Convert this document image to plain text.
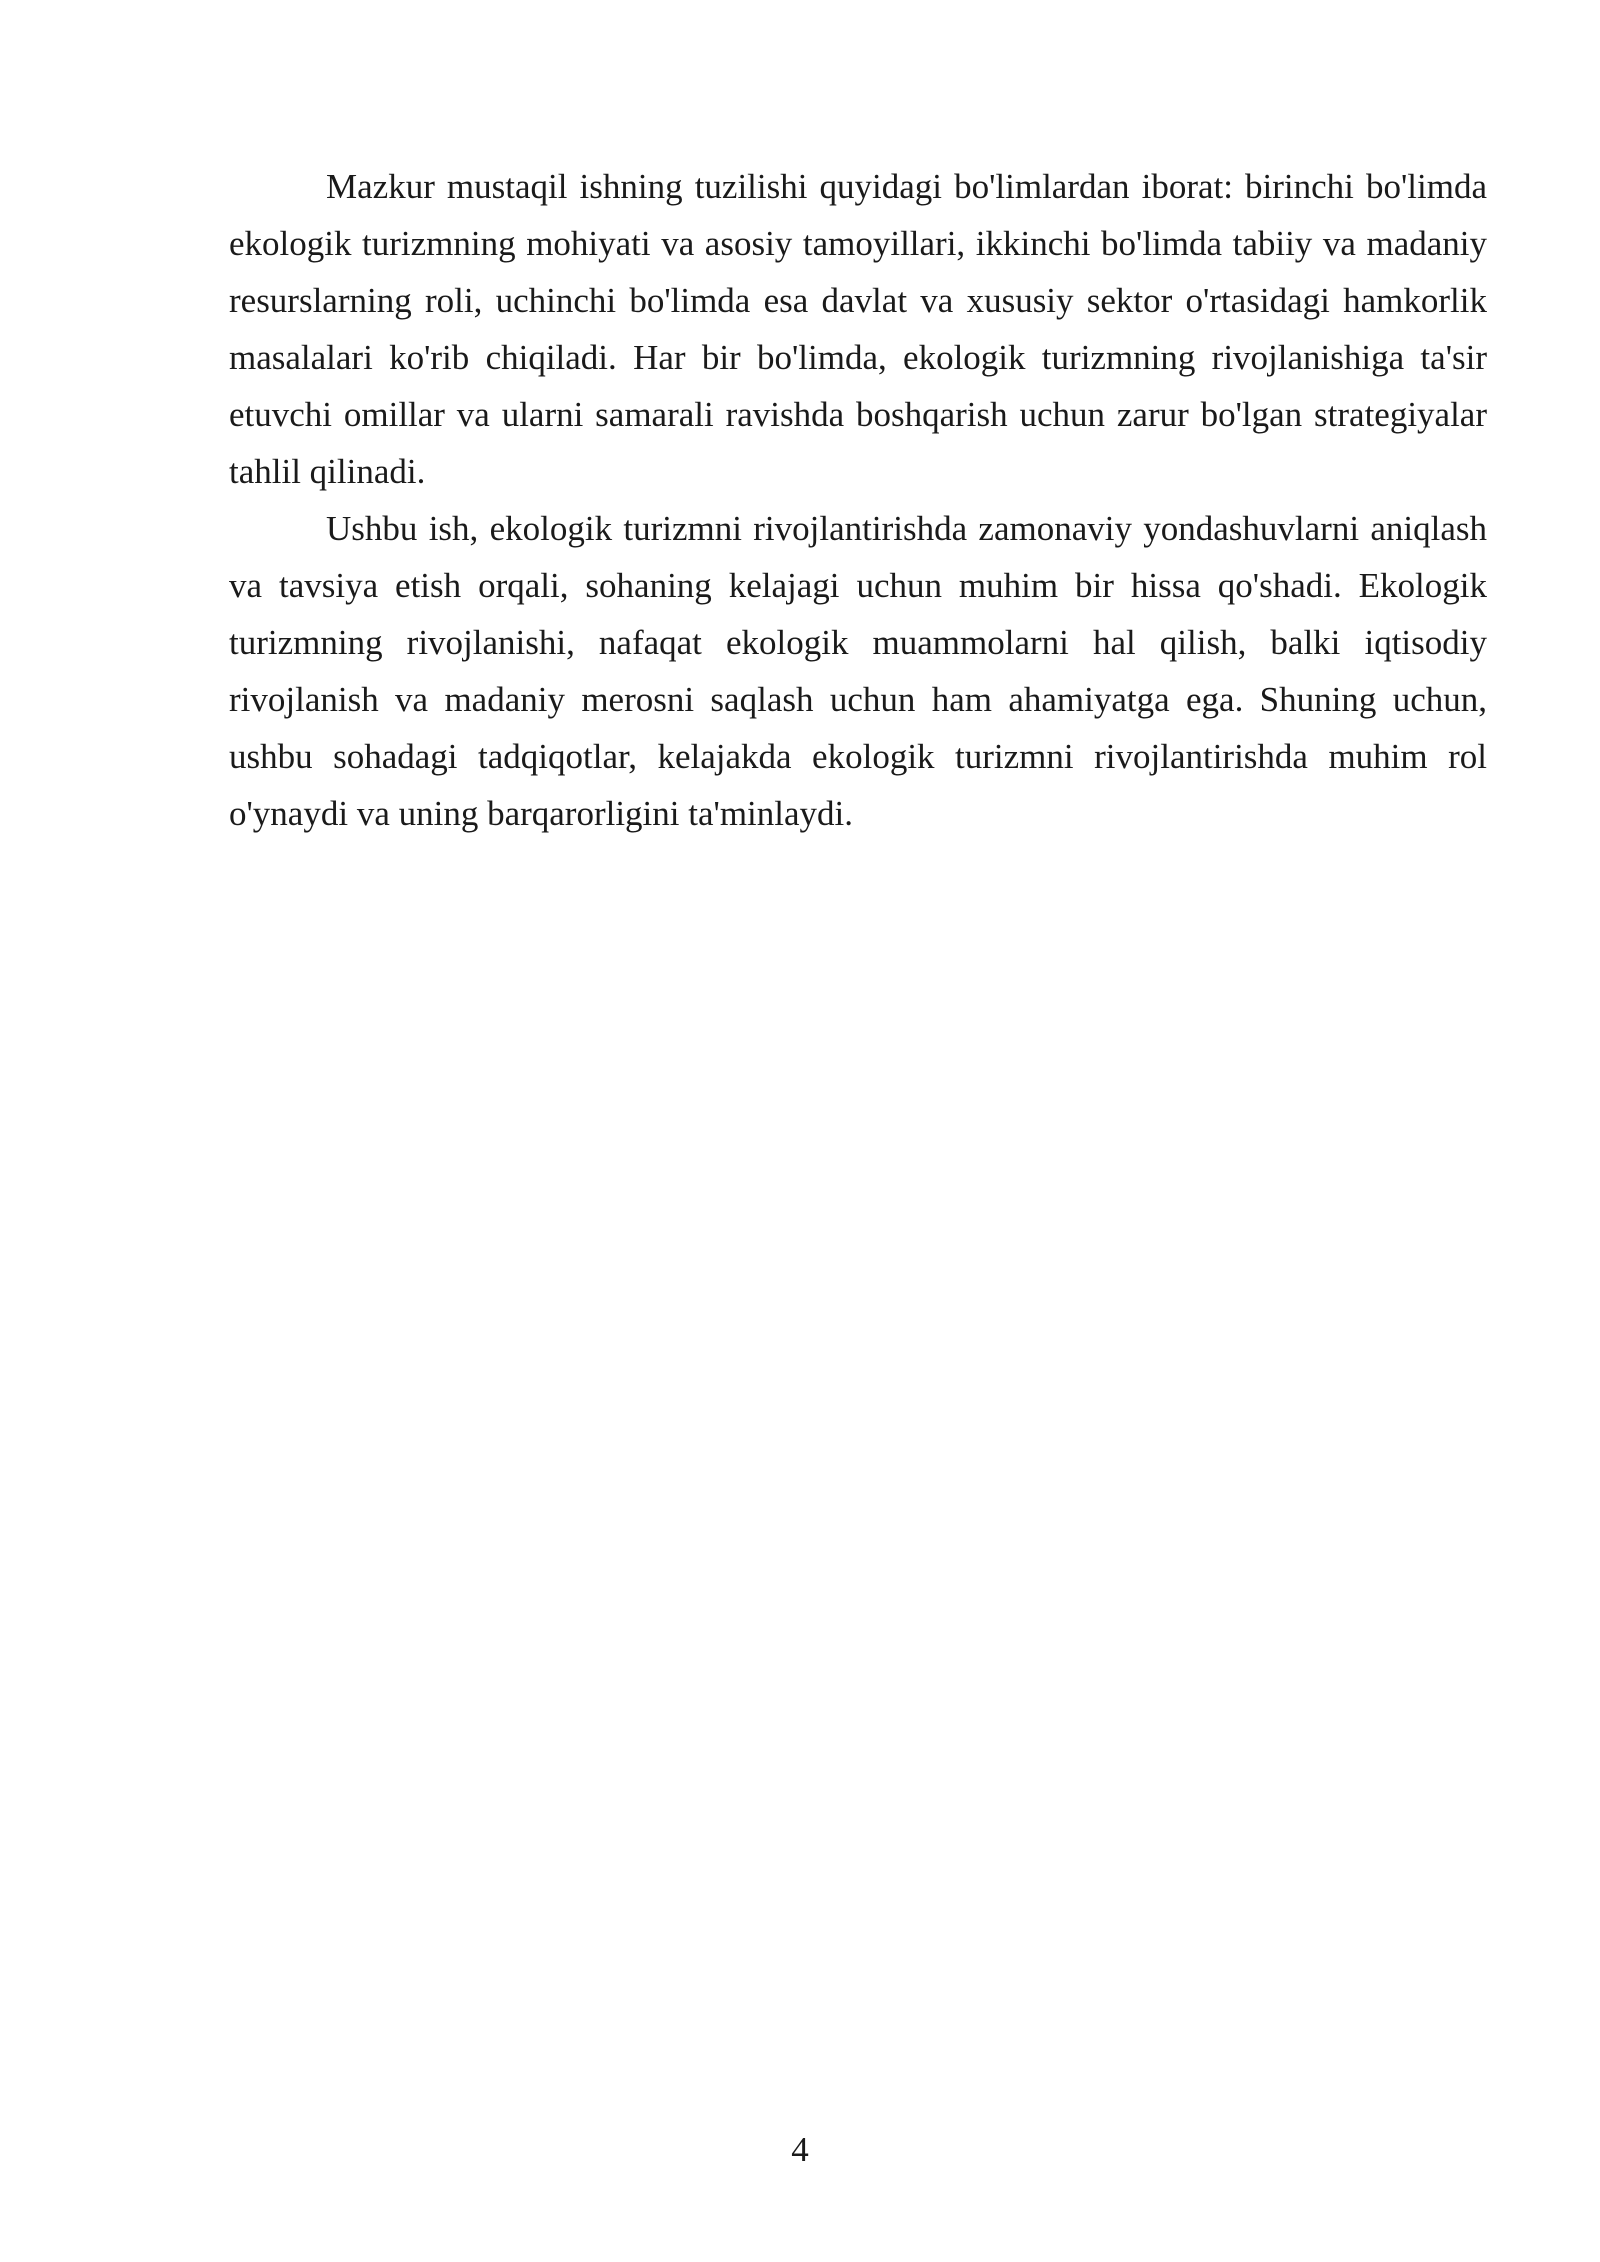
Mazkur mustaqil ishning tuzilishi quyidagi bo'limlardan iborat: birinchi bo'limda ekologik turizmning mohiyati va asosiy tamoyillari, ikkinchi bo'limda tabiiy va madaniy resurslarning roli, uchinchi bo'limda esa davlat va xususiy sektor o'rtasidagi hamkorlik masalalari ko'rib chiqiladi. Har bir bo'limda, ekologik turizmning rivojlanishiga ta'sir etuvchi omillar va ularni samarali ravishda boshqarish uchun zarur bo'lgan strategiyalar tahlil qilinadi.

Ushbu ish, ekologik turizmni rivojlantirishda zamonaviy yondashuvlarni aniqlash va tavsiya etish orqali, sohaning kelajagi uchun muhim bir hissa qo'shadi. Ekologik turizmning rivojlanishi, nafaqat ekologik muammolarni hal qilish, balki iqtisodiy rivojlanish va madaniy merosni saqlash uchun ham ahamiyatga ega. Shuning uchun, ushbu sohadagi tadqiqotlar, kelajakda ekologik turizmni rivojlantirishda muhim rol o'ynaydi va uning barqarorligini ta'minlaydi.

4
